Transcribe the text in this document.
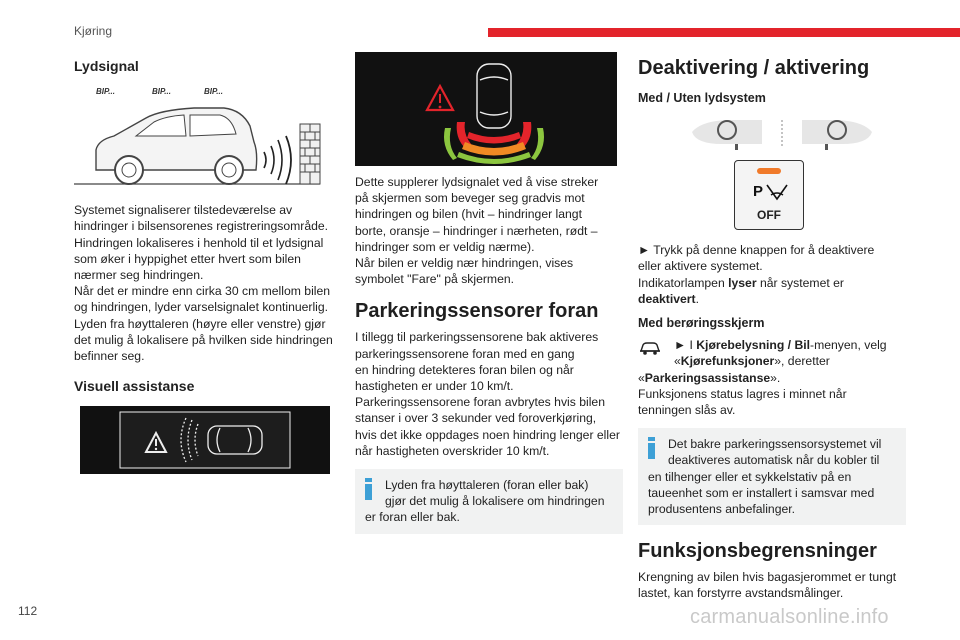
Kjøring
Lydsignal
BIP...	BIP...	BIP...
Systemet signaliserer tilstedeværelse av
hindringer i bilsensorenes registreringsområde.
Hindringen lokaliseres i henhold til et lydsignal
som øker i hyppighet etter hvert som bilen
nærmer seg hindringen.
Når det er mindre enn cirka 30 cm mellom bilen
og hindringen, lyder varselsignalet kontinuerlig.
Lyden fra høyttaleren (høyre eller venstre) gjør
det mulig å lokalisere på hvilken side hindringen
befinner seg.
Visuell assistanse
Dette supplerer lydsignalet ved å vise streker
på skjermen som beveger seg gradvis mot
hindringen og bilen (hvit – hindringer langt
borte, oransje – hindringer i nærheten, rødt –
hindringer som er veldig nærme).
Når bilen er veldig nær hindringen, vises
symbolet "Fare" på skjermen.
Parkeringssensorer foran
I tillegg til parkeringssensorene bak aktiveres
parkeringssensorene foran med en gang
en hindring detekteres foran bilen og når
hastigheten er under 10 km/t.
Parkeringssensorene foran avbrytes hvis bilen
stanser i over 3 sekunder ved foroverkjøring,
hvis det ikke oppdages noen hindring lenger eller
når hastigheten overskrider 10 km/t.
Lyden fra høyttaleren (foran eller bak)
gjør det mulig å lokalisere om hindringen
er foran eller bak.
Deaktivering / aktivering
Med / Uten lydsystem
P
OFF
► Trykk på denne knappen for å deaktivere
eller aktivere systemet.
Indikatorlampen lyser når systemet er
deaktivert.
Med berøringsskjerm
► I Kjørebelysning / Bil-menyen, velg
«Kjørefunksjoner», deretter
«Parkeringsassistanse».
Funksjonens status lagres i minnet når
tenningen slås av.
Det bakre parkeringssensorsystemet vil
deaktiveres automatisk når du kobler til
en tilhenger eller et sykkelstativ på en
taueenhet som er installert i samsvar med
produsentens anbefalinger.
Funksjonsbegrensninger
Krengning av bilen hvis bagasjerommet er tungt
lastet, kan forstyrre avstandsmålinger.
112	carmanualsonline.info
